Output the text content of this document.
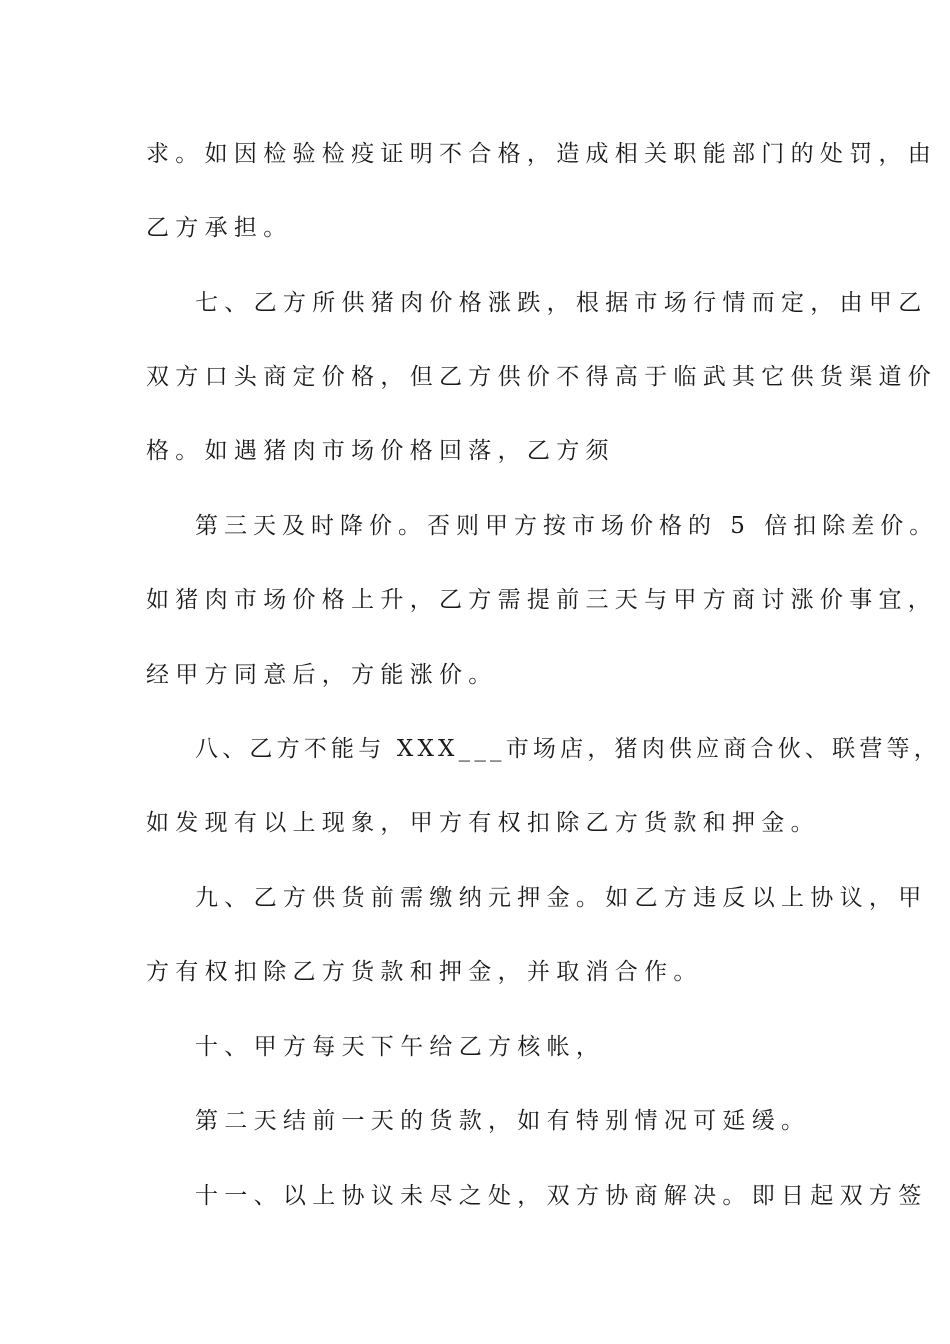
求。如因检验检疫证明不合格，造成相关职能部门的处罚，由
乙方承担。
七、乙方所供猪肉价格涨跌，根据市场行情而定，由甲乙
双方口头商定价格，但乙方供价不得高于临武其它供货渠道价
格。如遇猪肉市场价格回落，乙方须
第三天及时降价。否则甲方按市场价格的 5 倍扣除差价。
如猪肉市场价格上升，乙方需提前三天与甲方商讨涨价事宜，
经甲方同意后，方能涨价。
八、乙方不能与 XXX___市场店，猪肉供应商合伙、联营等，
如发现有以上现象，甲方有权扣除乙方货款和押金。
九、乙方供货前需缴纳元押金。如乙方违反以上协议，甲
方有权扣除乙方货款和押金，并取消合作。
十、甲方每天下午给乙方核帐，
第二天结前一天的货款，如有特别情况可延缓。
十一、以上协议未尽之处，双方协商解决。即日起双方签
